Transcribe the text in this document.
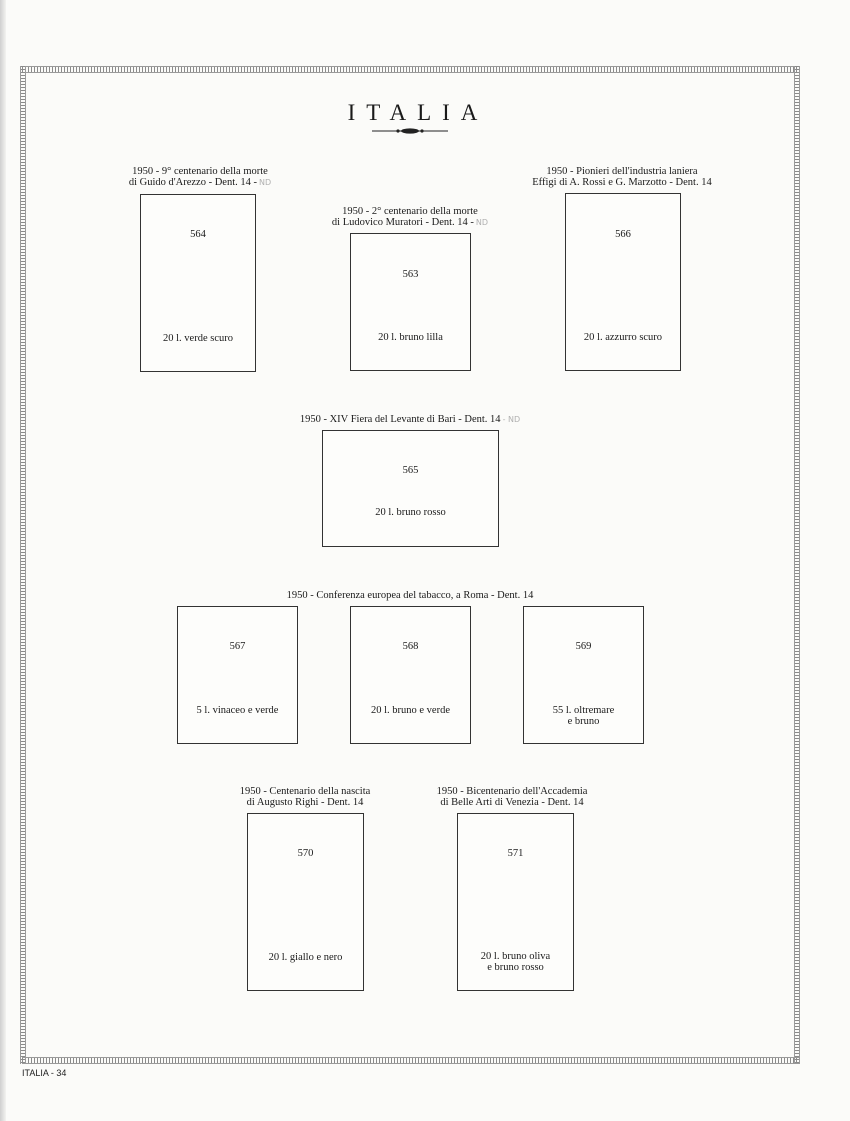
ITALIA
1950 - 9° centenario della morte
di Guido d'Arezzo - Dent. 14 - ND
564
20 l. verde scuro
1950 - 2° centenario della morte
di Ludovico Muratori - Dent. 14 - ND
563
20 l. bruno lilla
1950 - Pionieri dell'industria laniera
Effigi di A. Rossi e G. Marzotto - Dent. 14
566
20 l. azzurro scuro
1950 - XIV Fiera del Levante di Bari - Dent. 14 - ND
565
20 l. bruno rosso
1950 - Conferenza europea del tabacco, a Roma - Dent. 14
567
5 l. vinaceo e verde
568
20 l. bruno e verde
569
55 l. oltremare
e bruno
1950 - Centenario della nascita
di Augusto Righi - Dent. 14
570
20 l. giallo e nero
1950 - Bicentenario dell'Accademia
di Belle Arti di Venezia - Dent. 14
571
20 l. bruno oliva
e bruno rosso
ITALIA - 34
